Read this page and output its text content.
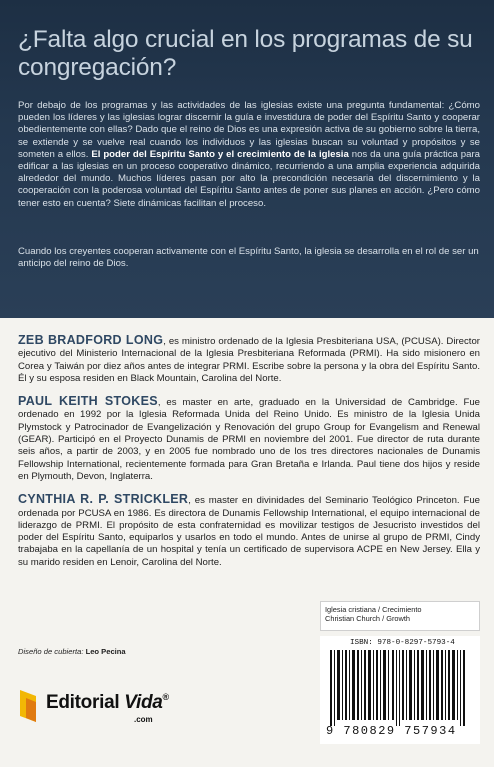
¿Falta algo crucial en los programas de su congregación?

Por debajo de los programas y las actividades de las iglesias existe una pregunta fundamental: ¿Cómo pueden los líderes y las iglesias lograr discernir la guía e investidura de poder del Espíritu Santo y cooperar obedientemente con ellas? Dado que el reino de Dios es una expresión activa de su gobierno sobre la tierra, se extiende y se vuelve real cuando los individuos y las iglesias buscan su voluntad y propósitos y se someten a ellos. El poder del Espíritu Santo y el crecimiento de la iglesia nos da una guía práctica para edificar a las iglesias en un proceso cooperativo dinámico, recurriendo a una amplia experiencia adquirida alrededor del mundo. Muchos líderes pasan por alto la precondición necesaria del discernimiento y la cooperación con la poderosa voluntad del Espíritu Santo antes de poner sus planes en acción. ¿Pero cómo tener esto en cuenta? Siete dinámicas facilitan el proceso.

Cuando los creyentes cooperan activamente con el Espíritu Santo, la iglesia se desarrolla en el rol de ser un anticipo del reino de Dios.

ZEB BRADFORD LONG, es ministro ordenado de la Iglesia Presbiteriana USA, (PCUSA). Director ejecutivo del Ministerio Internacional de la Iglesia Presbiteriana Reformada (PRMI). Ha sido misionero en Corea y Taiwán por diez años antes de integrar PRMI. Escribe sobre la persona y la obra del Espíritu Santo. Él y su esposa residen en Black Mountain, Carolina del Norte.

PAUL KEITH STOKES, es master en arte, graduado en la Universidad de Cambridge. Fue ordenado en 1992 por la Iglesia Reformada Unida del Reino Unido. Es ministro de la Iglesia Unida Plymstock y Patrocinador de Evangelización y Renovación del grupo Group for Evangelism and Renewal (GEAR). Participó en el Proyecto Dunamis de PRMI en noviembre del 2001. Fue director de ruta durante seis años, a partir de 2003, y en 2005 fue nombrado uno de los tres directores nacionales de Dunamis Fellowship International, recientemente formada para Gran Bretaña e Irlanda. Paul tiene dos hijos y reside en Plymouth, Devon, Inglaterra.

CYNTHIA R. P. STRICKLER, es master en divinidades del Seminario Teológico Princeton. Fue ordenada por PCUSA en 1986. Es directora de Dunamis Fellowship International, el equipo internacional de liderazgo de PRMI. El propósito de esta confraternidad es movilizar testigos de Jesucristo investidos del poder del Espíritu Santo, equiparlos y usarlos en todo el mundo. Antes de unirse al grupo de PRMI, Cindy trabajaba en la capellanía de un hospital y tenía un certificado de supervisora ACPE en New Jersey. Ella y su marido residen en Lenoir, Carolina del Norte.

Iglesia cristiana / Crecimiento
Christian Church / Growth
ISBN: 978-0-8297-5793-4
9 780829 757934
Diseño de cubierta: Leo Pecina
Editorial Vida®
.com
